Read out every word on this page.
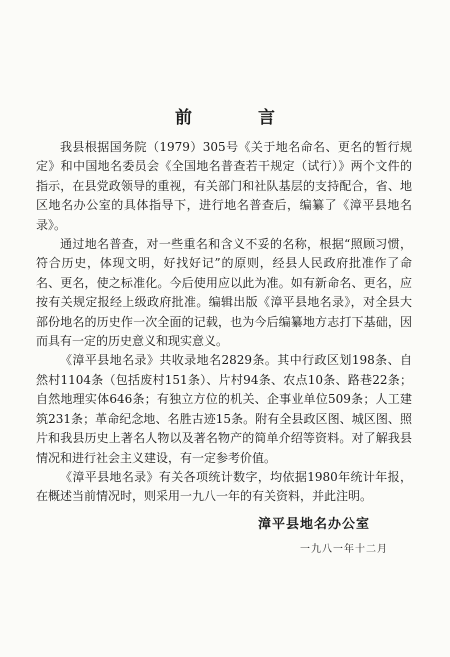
前 言

我县根据国务院（1979）305号《关于地名命名、更名的暂行规定》和中国地名委员会《全国地名普查若干规定（试行）》两个文件的指示，在县党政领导的重视，有关部门和社队基层的支持配合，省、地区地名办公室的具体指导下，进行地名普查后，编纂了《漳平县地名录》。

通过地名普查，对一些重名和含义不妥的名称，根据“照顾习惯，符合历史，体现文明，好找好记”的原则，经县人民政府批准作了命名、更名，使之标准化。今后使用应以此为准。如有新命名、更名，应按有关规定报经上级政府批准。编辑出版《漳平县地名录》，对全县大部份地名的历史作一次全面的记载，也为今后编纂地方志打下基础，因而具有一定的历史意义和现实意义。

《漳平县地名录》共收录地名2829条。其中行政区划198条、自然村1104条（包括废村151条）、片村94条、农点10条、路巷22条；自然地理实体646条；有独立方位的机关、企事业单位509条；人工建筑231条；革命纪念地、名胜古迹15条。附有全县政区图、城区图、照片和我县历史上著名人物以及著名物产的简单介绍等资料。对了解我县情况和进行社会主义建设，有一定参考价值。

《漳平县地名录》有关各项统计数字，均依据1980年统计年报，在概述当前情况时，则采用一九八一年的有关资料，并此注明。

漳平县地名办公室
一九八一年十二月
